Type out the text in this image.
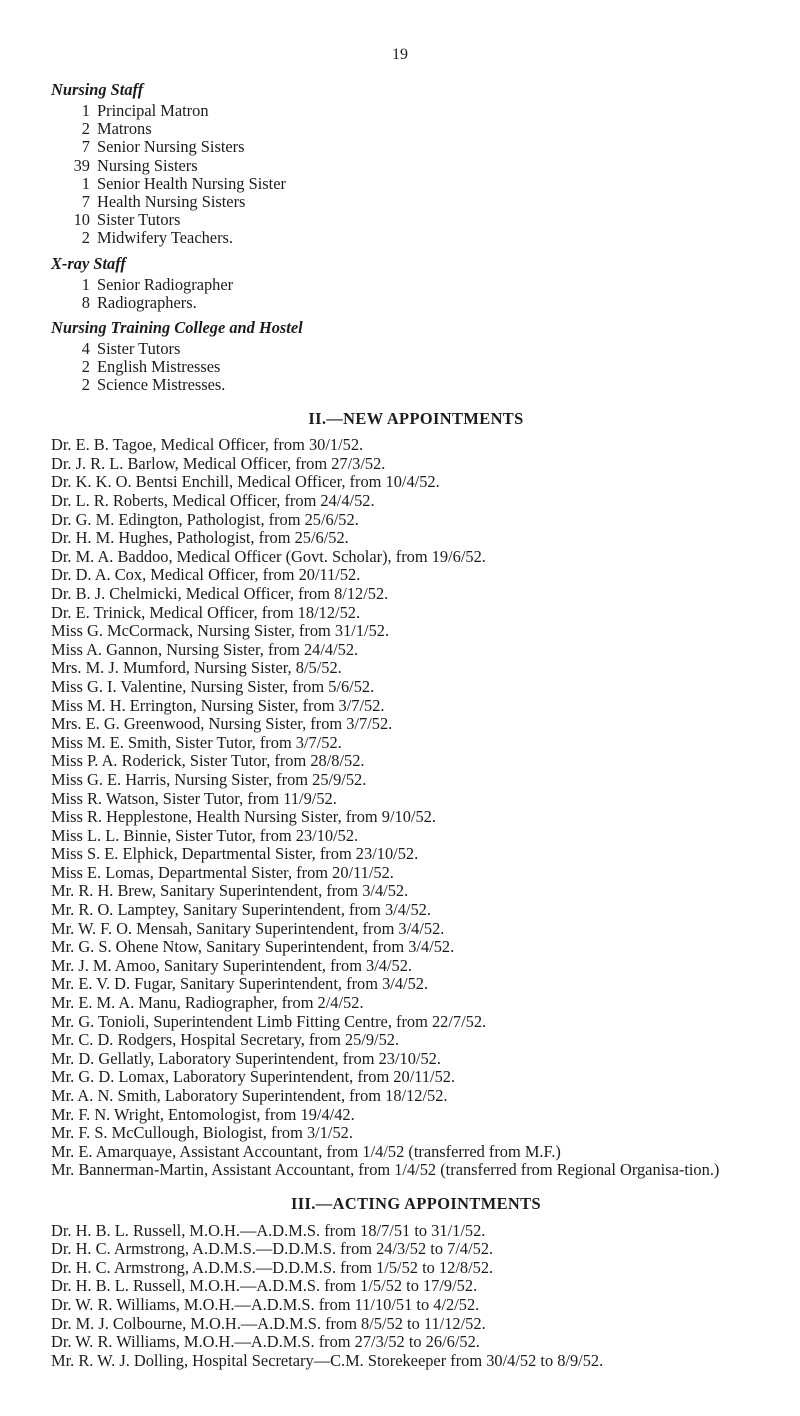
19

Nursing Staff

1 Principal Matron
2 Matrons
7 Senior Nursing Sisters
39 Nursing Sisters
1 Senior Health Nursing Sister
7 Health Nursing Sisters
10 Sister Tutors
2 Midwifery Teachers.

X-ray Staff

1 Senior Radiographer
8 Radiographers.

Nursing Training College and Hostel

4 Sister Tutors
2 English Mistresses
2 Science Mistresses.
II.—NEW APPOINTMENTS
Dr. E. B. Tagoe, Medical Officer, from 30/1/52.
Dr. J. R. L. Barlow, Medical Officer, from 27/3/52.
Dr. K. K. O. Bentsi Enchill, Medical Officer, from 10/4/52.
Dr. L. R. Roberts, Medical Officer, from 24/4/52.
Dr. G. M. Edington, Pathologist, from 25/6/52.
Dr. H. M. Hughes, Pathologist, from 25/6/52.
Dr. M. A. Baddoo, Medical Officer (Govt. Scholar), from 19/6/52.
Dr. D. A. Cox, Medical Officer, from 20/11/52.
Dr. B. J. Chelmicki, Medical Officer, from 8/12/52.
Dr. E. Trinick, Medical Officer, from 18/12/52.
Miss G. McCormack, Nursing Sister, from 31/1/52.
Miss A. Gannon, Nursing Sister, from 24/4/52.
Mrs. M. J. Mumford, Nursing Sister, 8/5/52.
Miss G. I. Valentine, Nursing Sister, from 5/6/52.
Miss M. H. Errington, Nursing Sister, from 3/7/52.
Mrs. E. G. Greenwood, Nursing Sister, from 3/7/52.
Miss M. E. Smith, Sister Tutor, from 3/7/52.
Miss P. A. Roderick, Sister Tutor, from 28/8/52.
Miss G. E. Harris, Nursing Sister, from 25/9/52.
Miss R. Watson, Sister Tutor, from 11/9/52.
Miss R. Hepplestone, Health Nursing Sister, from 9/10/52.
Miss L. L. Binnie, Sister Tutor, from 23/10/52.
Miss S. E. Elphick, Departmental Sister, from 23/10/52.
Miss E. Lomas, Departmental Sister, from 20/11/52.
Mr. R. H. Brew, Sanitary Superintendent, from 3/4/52.
Mr. R. O. Lamptey, Sanitary Superintendent, from 3/4/52.
Mr. W. F. O. Mensah, Sanitary Superintendent, from 3/4/52.
Mr. G. S. Ohene Ntow, Sanitary Superintendent, from 3/4/52.
Mr. J. M. Amoo, Sanitary Superintendent, from 3/4/52.
Mr. E. V. D. Fugar, Sanitary Superintendent, from 3/4/52.
Mr. E. M. A. Manu, Radiographer, from 2/4/52.
Mr. G. Tonioli, Superintendent Limb Fitting Centre, from 22/7/52.
Mr. C. D. Rodgers, Hospital Secretary, from 25/9/52.
Mr. D. Gellatly, Laboratory Superintendent, from 23/10/52.
Mr. G. D. Lomax, Laboratory Superintendent, from 20/11/52.
Mr. A. N. Smith, Laboratory Superintendent, from 18/12/52.
Mr. F. N. Wright, Entomologist, from 19/4/42.
Mr. F. S. McCullough, Biologist, from 3/1/52.
Mr. E. Amarquaye, Assistant Accountant, from 1/4/52 (transferred from M.F.)
Mr. Bannerman-Martin, Assistant Accountant, from 1/4/52 (transferred from Regional Organisa-tion.)
III.—ACTING APPOINTMENTS
Dr. H. B. L. Russell, M.O.H.—A.D.M.S. from 18/7/51 to 31/1/52.
Dr. H. C. Armstrong, A.D.M.S.—D.D.M.S. from 24/3/52 to 7/4/52.
Dr. H. C. Armstrong, A.D.M.S.—D.D.M.S. from 1/5/52 to 12/8/52.
Dr. H. B. L. Russell, M.O.H.—A.D.M.S. from 1/5/52 to 17/9/52.
Dr. W. R. Williams, M.O.H.—A.D.M.S. from 11/10/51 to 4/2/52.
Dr. M. J. Colbourne, M.O.H.—A.D.M.S. from 8/5/52 to 11/12/52.
Dr. W. R. Williams, M.O.H.—A.D.M.S. from 27/3/52 to 26/6/52.
Mr. R. W. J. Dolling, Hospital Secretary—C.M. Storekeeper from 30/4/52 to 8/9/52.
